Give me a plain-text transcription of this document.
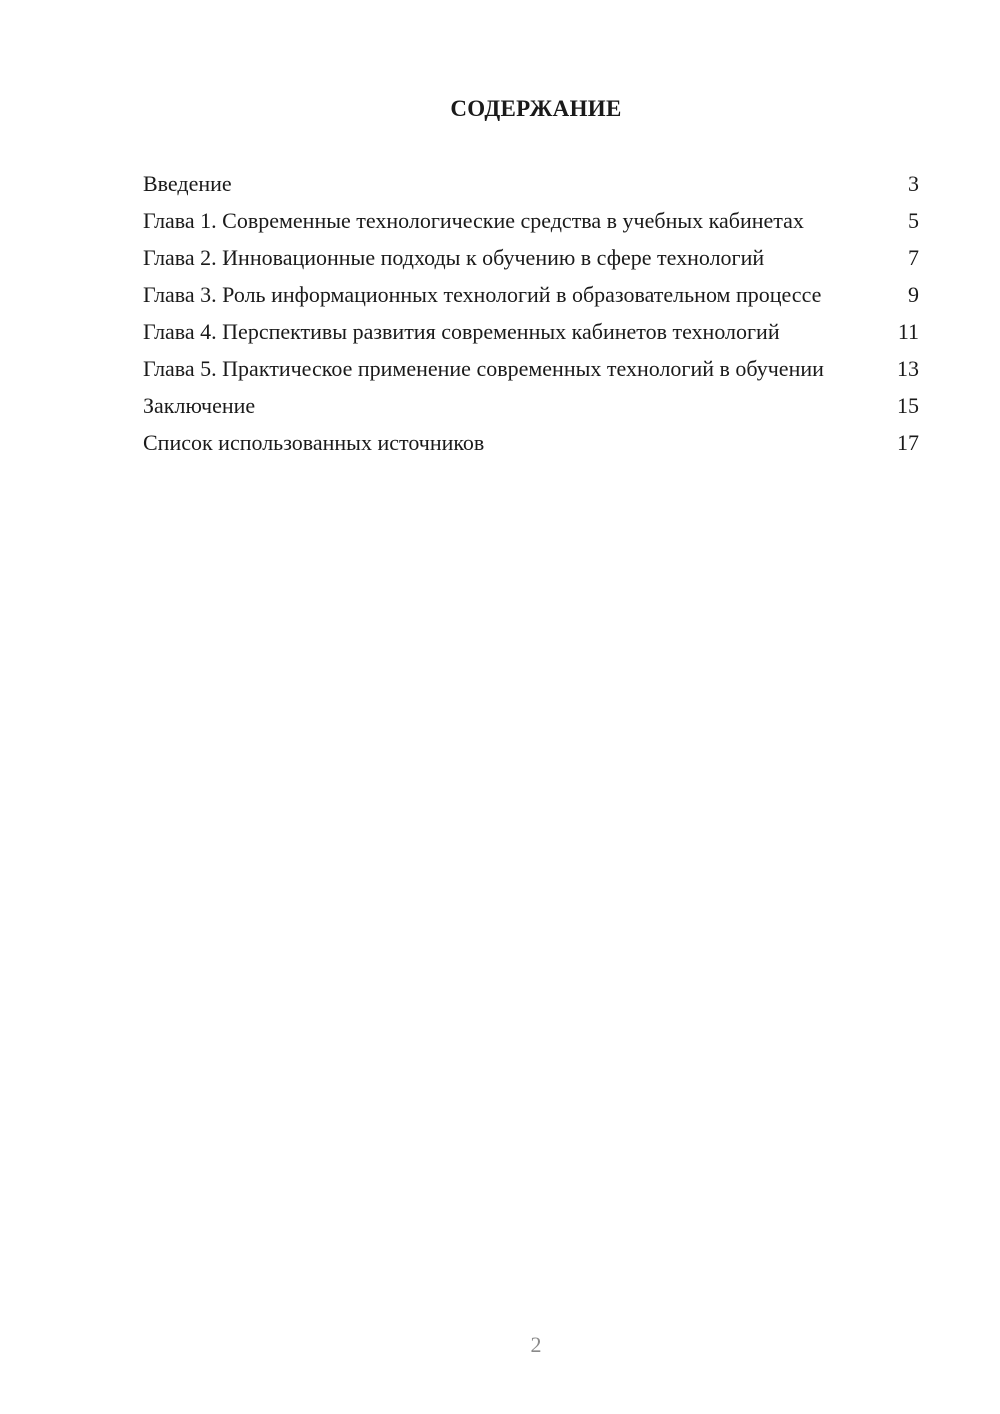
СОДЕРЖАНИЕ
Введение	3
Глава 1. Современные технологические средства в учебных кабинетах	5
Глава 2. Инновационные подходы к обучению в сфере технологий	7
Глава 3. Роль информационных технологий в образовательном процессе	9
Глава 4. Перспективы развития современных кабинетов технологий	11
Глава 5. Практическое применение современных технологий в обучении	13
Заключение	15
Список использованных источников	17
2
